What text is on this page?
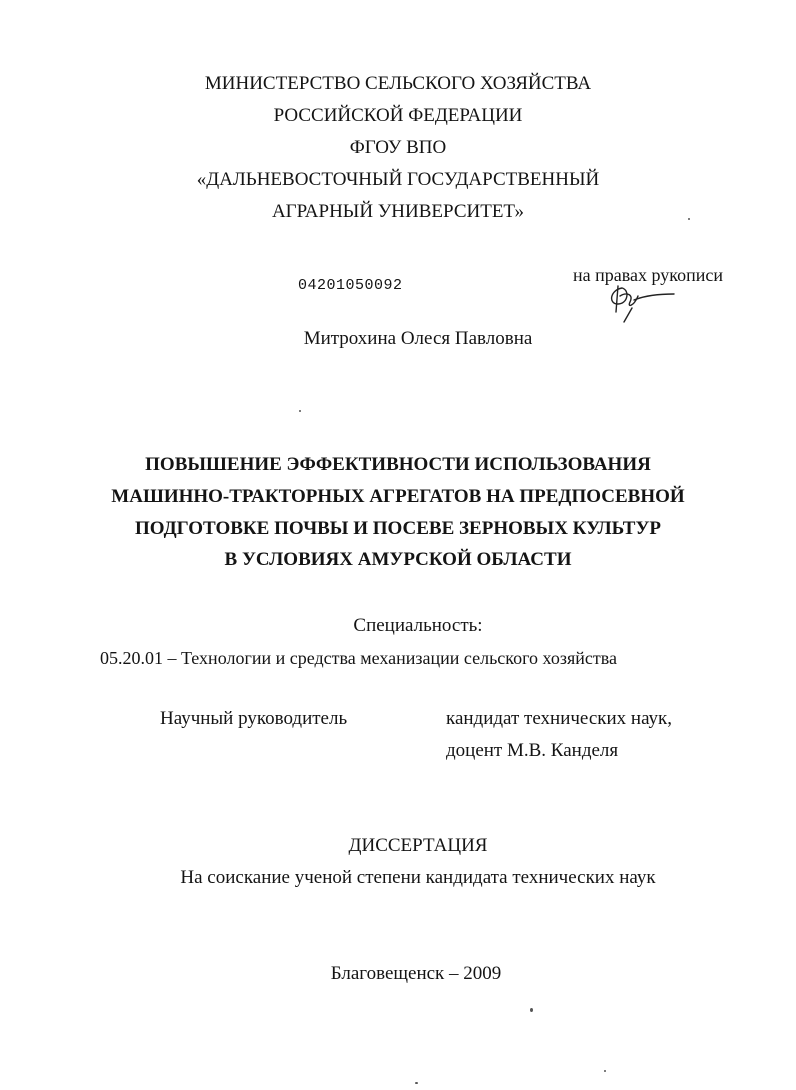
МИНИСТЕРСТВО СЕЛЬСКОГО ХОЗЯЙСТВА
РОССИЙСКОЙ ФЕДЕРАЦИИ
ФГОУ ВПО
«ДАЛЬНЕВОСТОЧНЫЙ ГОСУДАРСТВЕННЫЙ
АГРАРНЫЙ УНИВЕРСИТЕТ»
04201050092
на правах рукописи
Митрохина Олеся Павловна
ПОВЫШЕНИЕ ЭФФЕКТИВНОСТИ ИСПОЛЬЗОВАНИЯ
МАШИННО-ТРАКТОРНЫХ АГРЕГАТОВ НА ПРЕДПОСЕВНОЙ
ПОДГОТОВКЕ ПОЧВЫ И ПОСЕВЕ ЗЕРНОВЫХ КУЛЬТУР
В УСЛОВИЯХ АМУРСКОЙ ОБЛАСТИ
Специальность:
05.20.01 – Технологии и средства механизации сельского хозяйства
Научный руководитель	кандидат технических наук,
доцент М.В. Канделя
ДИССЕРТАЦИЯ
На соискание ученой степени кандидата технических наук
Благовещенск – 2009
